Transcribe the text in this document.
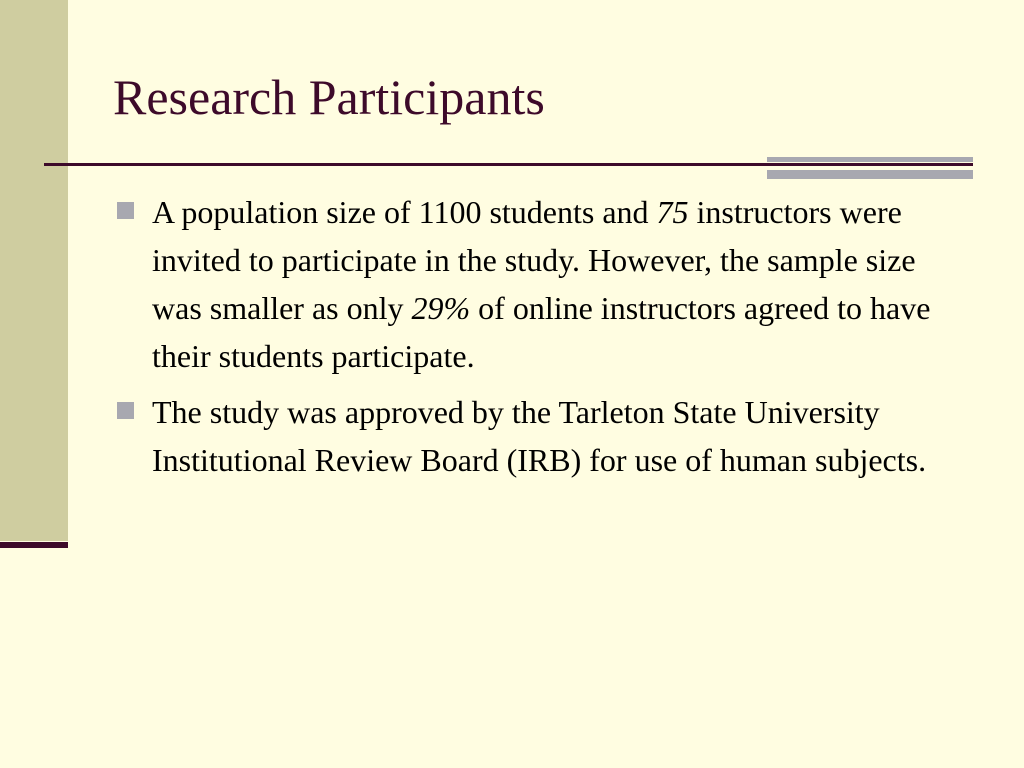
Research Participants
A population size of 1100 students and 75 instructors were invited to participate in the study. However, the sample size was smaller as only 29% of online instructors agreed to have their students participate.
The study was approved by the Tarleton State University Institutional Review Board (IRB) for use of human subjects.
